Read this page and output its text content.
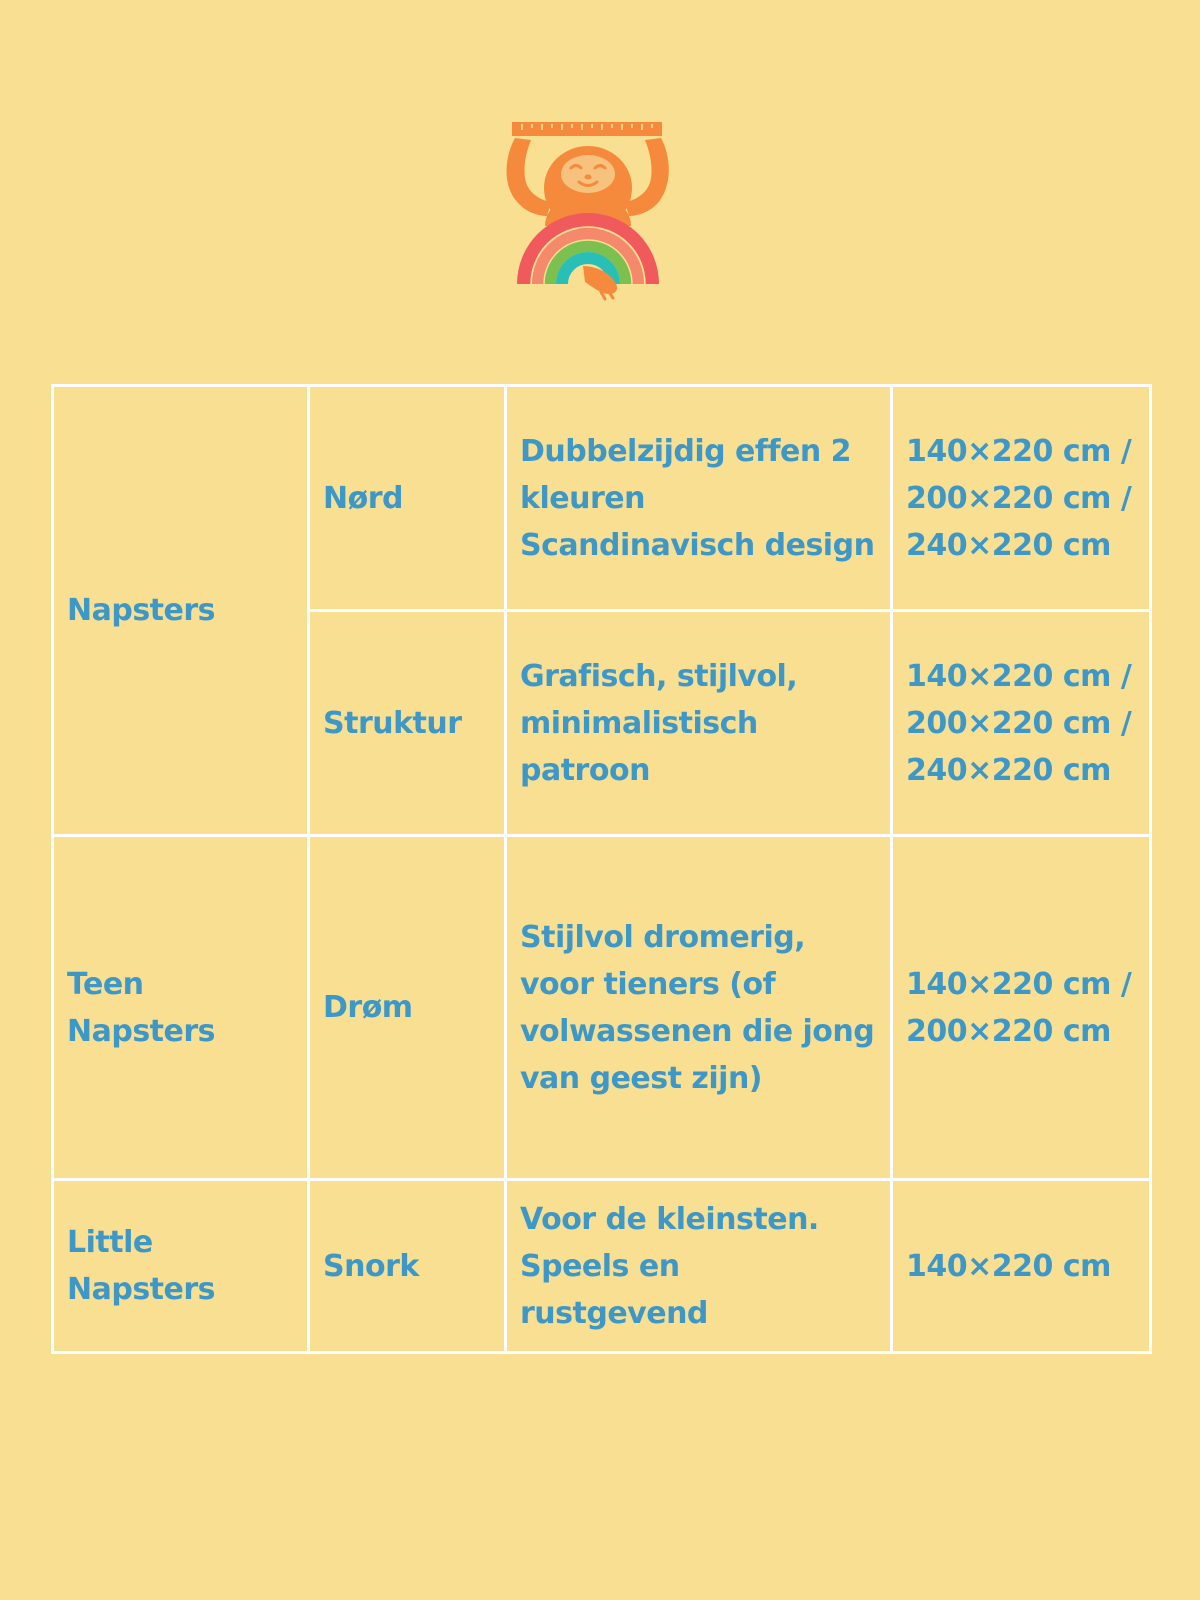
Napsters	Nørd	Dubbelzijdig effen 2 kleuren Scandinavisch design	140×220 cm / 200×220 cm / 240×220 cm
	Struktur	Grafisch, stijlvol, minimalistisch patroon	140×220 cm / 200×220 cm / 240×220 cm
Teen Napsters	Drøm	Stijlvol dromerig, voor tieners (of volwassenen die jong van geest zijn)	140×220 cm / 200×220 cm
Little Napsters	Snork	Voor de kleinsten. Speels en rustgevend	140×220 cm
